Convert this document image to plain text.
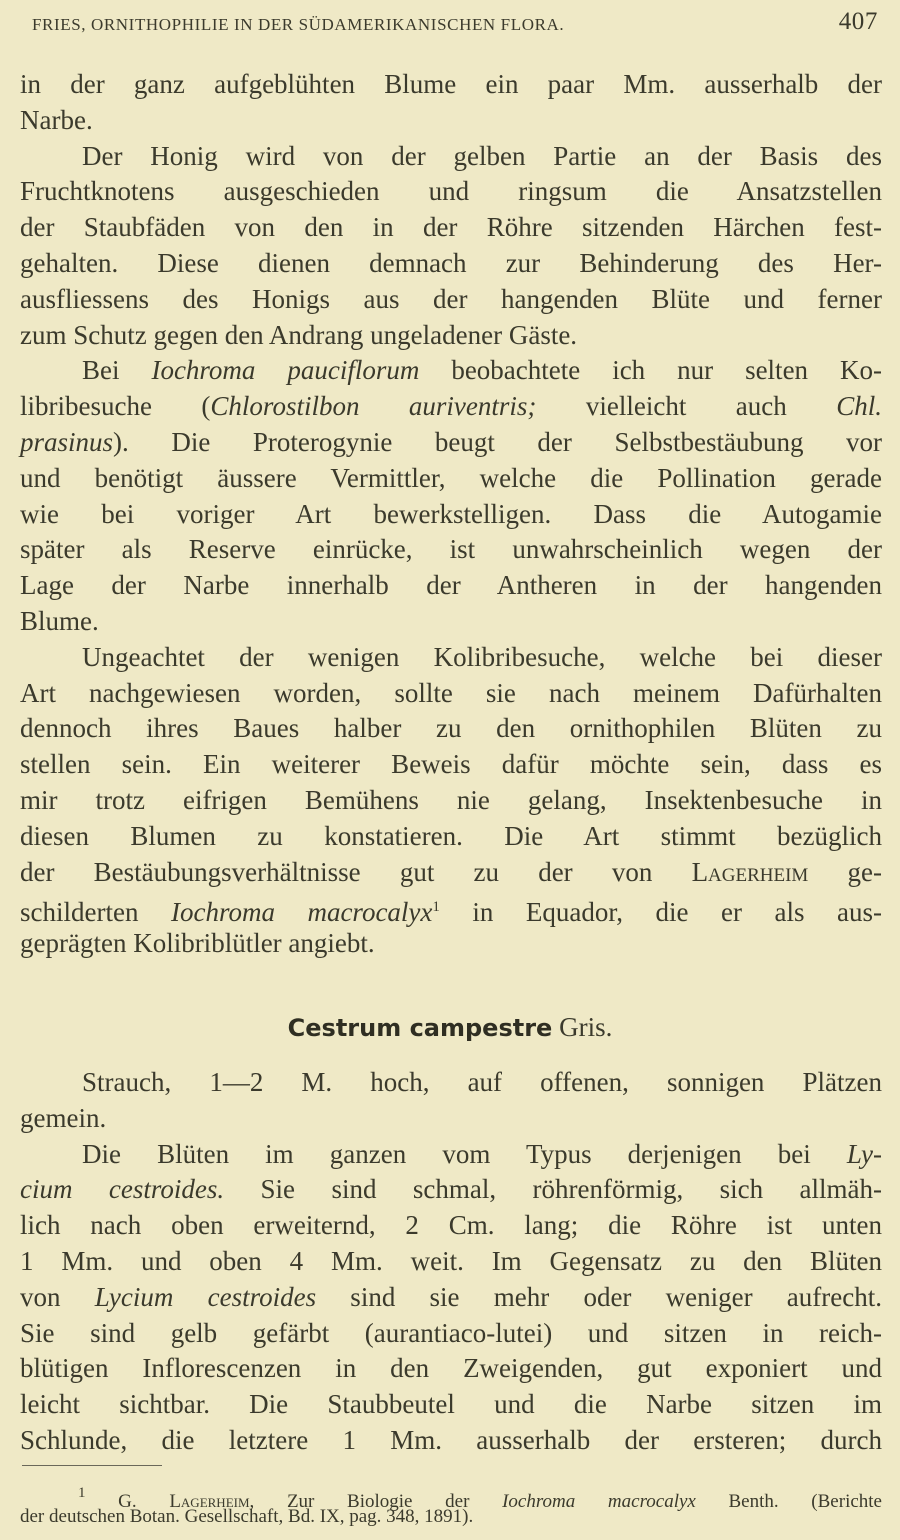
FRIES, ORNITHOPHILIE IN DER SÜDAMERIKANISCHEN FLORA.	407
in der ganz aufgeblühten Blume ein paar Mm. ausserhalb der
Narbe.
Der Honig wird von der gelben Partie an der Basis des
Fruchtknotens ausgeschieden und ringsum die Ansatzstellen
der Staubfäden von den in der Röhre sitzenden Härchen fest-
gehalten. Diese dienen demnach zur Behinderung des Her-
ausfliessens des Honigs aus der hangenden Blüte und ferner
zum Schutz gegen den Andrang ungeladener Gäste.
Bei Iochroma pauciflorum beobachtete ich nur selten Ko-
libribesuche (Chlorostilbon auriventris; vielleicht auch Chl.
prasinus). Die Proterogynie beugt der Selbstbestäubung vor
und benötigt äussere Vermittler, welche die Pollination gerade
wie bei voriger Art bewerkstelligen. Dass die Autogamie
später als Reserve einrücke, ist unwahrscheinlich wegen der
Lage der Narbe innerhalb der Antheren in der hangenden
Blume.
Ungeachtet der wenigen Kolibribesuche, welche bei dieser
Art nachgewiesen worden, sollte sie nach meinem Dafürhalten
dennoch ihres Baues halber zu den ornithophilen Blüten zu
stellen sein. Ein weiterer Beweis dafür möchte sein, dass es
mir trotz eifrigen Bemühens nie gelang, Insektenbesuche in
diesen Blumen zu konstatieren. Die Art stimmt bezüglich
der Bestäubungsverhältnisse gut zu der von Lagerheim ge-
schilderten Iochroma macrocalyx$^1$ in Equador, die er als aus-
geprägten Kolibriblütler angiebt.
Cestrum campestre Gris.
Strauch, 1—2 M. hoch, auf offenen, sonnigen Plätzen
gemein.
Die Blüten im ganzen vom Typus derjenigen bei Ly-
cium cestroides. Sie sind schmal, röhrenförmig, sich allmäh-
lich nach oben erweiternd, 2 Cm. lang; die Röhre ist unten
1 Mm. und oben 4 Mm. weit. Im Gegensatz zu den Blüten
von Lycium cestroides sind sie mehr oder weniger aufrecht.
Sie sind gelb gefärbt (aurantiaco-lutei) und sitzen in reich-
blütigen Inflorescenzen in den Zweigenden, gut exponiert und
leicht sichtbar. Die Staubbeutel und die Narbe sitzen im
Schlunde, die letztere 1 Mm. ausserhalb der ersteren; durch
$^1$ G. Lagerheim, Zur Biologie der Iochroma macrocalyx Benth. (Berichte
der deutschen Botan. Gesellschaft, Bd. IX, pag. 348, 1891).
